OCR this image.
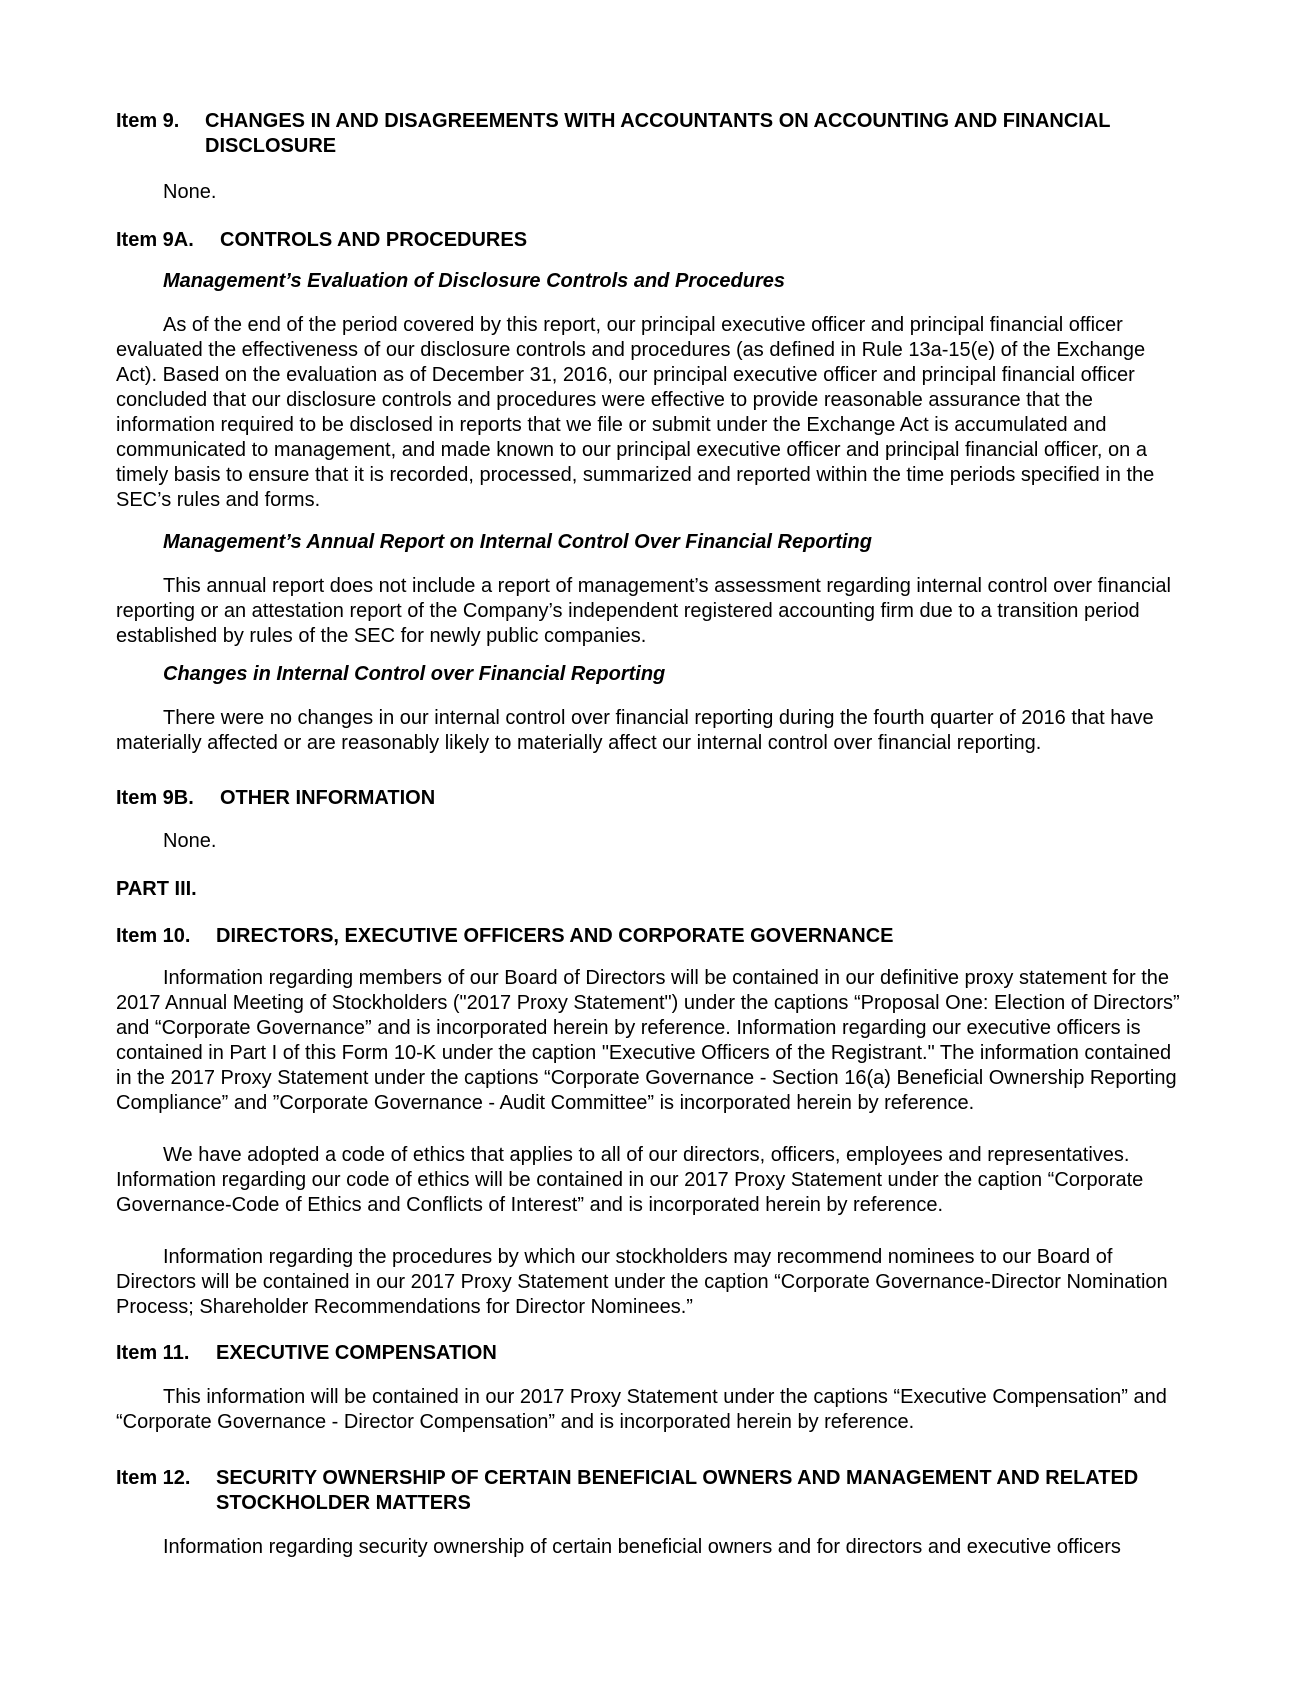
Item 9.	CHANGES IN AND DISAGREEMENTS WITH ACCOUNTANTS ON ACCOUNTING AND FINANCIAL DISCLOSURE
None.
Item 9A.	CONTROLS AND PROCEDURES
Management’s Evaluation of Disclosure Controls and Procedures

As of the end of the period covered by this report, our principal executive officer and principal financial officer evaluated the effectiveness of our disclosure controls and procedures (as defined in Rule 13a-15(e) of the Exchange Act). Based on the evaluation as of December 31, 2016, our principal executive officer and principal financial officer concluded that our disclosure controls and procedures were effective to provide reasonable assurance that the information required to be disclosed in reports that we file or submit under the Exchange Act is accumulated and communicated to management, and made known to our principal executive officer and principal financial officer, on a timely basis to ensure that it is recorded, processed, summarized and reported within the time periods specified in the SEC’s rules and forms.

Management’s Annual Report on Internal Control Over Financial Reporting

This annual report does not include a report of management’s assessment regarding internal control over financial reporting or an attestation report of the Company’s independent registered accounting firm due to a transition period established by rules of the SEC for newly public companies.

Changes in Internal Control over Financial Reporting

There were no changes in our internal control over financial reporting during the fourth quarter of 2016 that have materially affected or are reasonably likely to materially affect our internal control over financial reporting.

Item 9B.	OTHER INFORMATION
None.
PART III.
Item 10.	DIRECTORS, EXECUTIVE OFFICERS AND CORPORATE GOVERNANCE

Information regarding members of our Board of Directors will be contained in our definitive proxy statement for the 2017 Annual Meeting of Stockholders ("2017 Proxy Statement") under the captions “Proposal One: Election of Directors” and “Corporate Governance” and is incorporated herein by reference. Information regarding our executive officers is contained in Part I of this Form 10-K under the caption "Executive Officers of the Registrant." The information contained in the 2017 Proxy Statement under the captions “Corporate Governance - Section 16(a) Beneficial Ownership Reporting Compliance” and ”Corporate Governance - Audit Committee” is incorporated herein by reference.

We have adopted a code of ethics that applies to all of our directors, officers, employees and representatives. Information regarding our code of ethics will be contained in our 2017 Proxy Statement under the caption “Corporate Governance-Code of Ethics and Conflicts of Interest” and is incorporated herein by reference.

Information regarding the procedures by which our stockholders may recommend nominees to our Board of Directors will be contained in our 2017 Proxy Statement under the caption “Corporate Governance-Director Nomination Process; Shareholder Recommendations for Director Nominees.”

Item 11.	EXECUTIVE COMPENSATION

This information will be contained in our 2017 Proxy Statement under the captions “Executive Compensation” and “Corporate Governance - Director Compensation” and is incorporated herein by reference.

Item 12.	SECURITY OWNERSHIP OF CERTAIN BENEFICIAL OWNERS AND MANAGEMENT AND RELATED STOCKHOLDER MATTERS

Information regarding security ownership of certain beneficial owners and for directors and executive officers
